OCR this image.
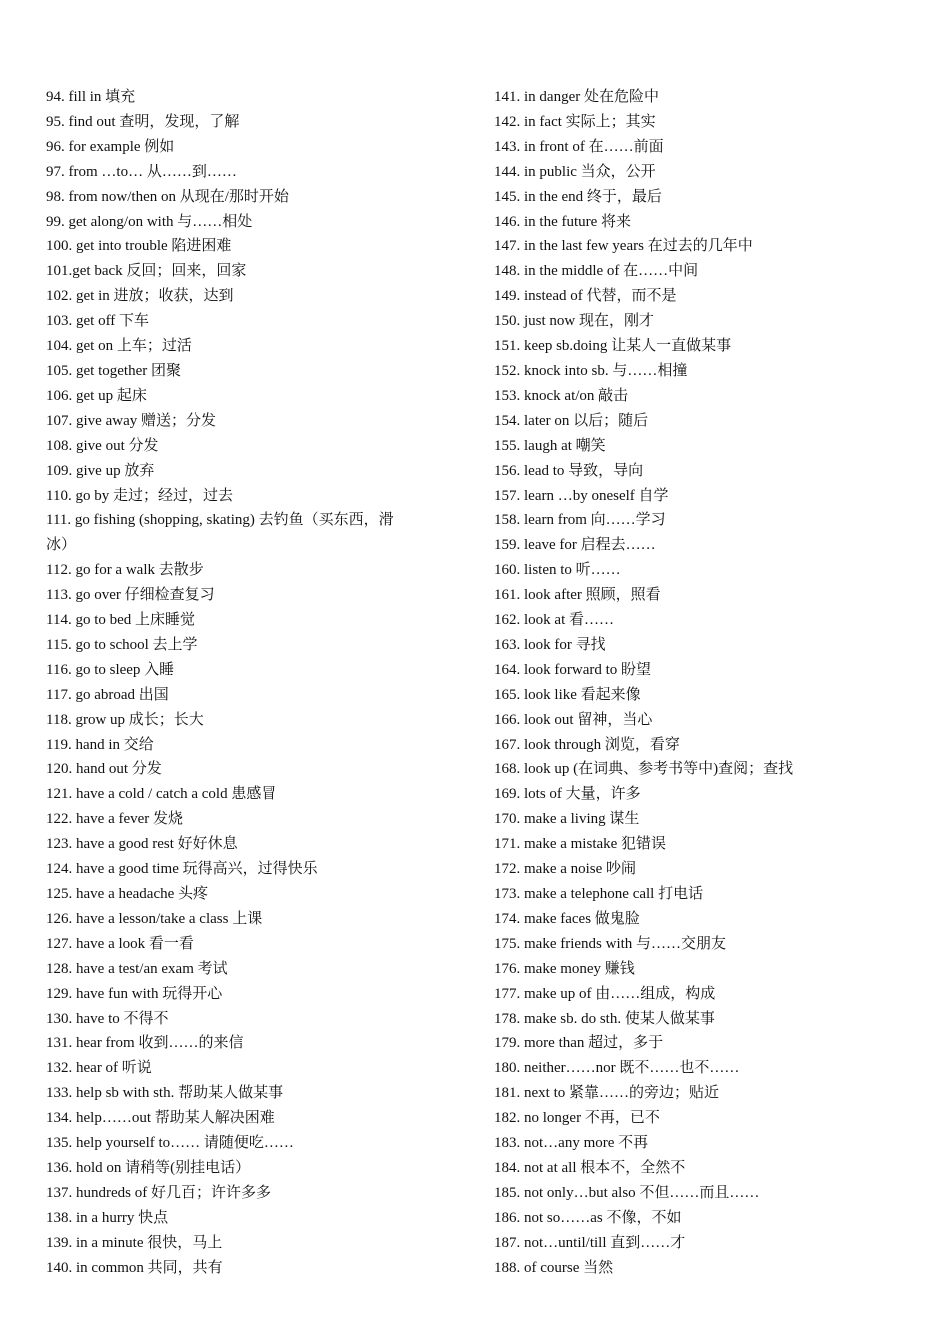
94. fill in 填充
95. find out 查明，发现，了解
96. for example 例如
97. from …to… 从……到……
98. from now/then on 从现在/那时开始
99. get along/on with 与……相处
100. get into trouble 陷进困难
101.get back 反回；回来，回家
102. get in 进放；收获，达到
103. get off 下车
104. get on 上车；过活
105. get together 团聚
106. get up 起床
107. give away 赠送；分发
108. give out 分发
109. give up 放弃
110. go by 走过；经过，过去
111. go fishing (shopping, skating) 去钓鱼（买东西，滑冰）
112. go for a walk 去散步
113. go over 仔细检查复习
114. go to bed 上床睡觉
115. go to school 去上学
116. go to sleep 入睡
117. go abroad 出国
118. grow up 成长；长大
119. hand in 交给
120. hand out 分发
121. have a cold / catch a cold 患感冒
122. have a fever 发烧
123. have a good rest 好好休息
124. have a good time 玩得高兴，过得快乐
125. have a headache 头疼
126. have a lesson/take a class 上课
127. have a look 看一看
128. have a test/an exam 考试
129. have fun with 玩得开心
130. have to 不得不
131. hear from 收到……的来信
132. hear of 听说
133. help sb with sth. 帮助某人做某事
134. help……out 帮助某人解决困难
135. help yourself to…… 请随便吃……
136. hold on 请稍等(别挂电话）
137. hundreds of 好几百；许许多多
138. in a hurry 快点
139. in a minute 很快，马上
140. in common 共同，共有
141. in danger 处在危险中
142. in fact 实际上；其实
143. in front of 在……前面
144. in public 当众，公开
145. in the end 终于，最后
146. in the future 将来
147. in the last few years 在过去的几年中
148. in the middle of 在……中间
149. instead of 代替，而不是
150. just now 现在，刚才
151. keep sb.doing 让某人一直做某事
152. knock into sb. 与……相撞
153. knock at/on 敲击
154. later on 以后；随后
155. laugh at 嘲笑
156. lead to 导致，导向
157. learn …by oneself 自学
158. learn from 向……学习
159. leave for 启程去……
160. listen to 听……
161. look after 照顾，照看
162. look at 看……
163. look for 寻找
164. look forward to 盼望
165. look like 看起来像
166. look out 留神，当心
167. look through 浏览，看穿
168. look up (在词典、参考书等中)查阅；查找
169. lots of 大量，许多
170. make a living 谋生
171. make a mistake 犯错误
172. make a noise 吵闹
173. make a telephone call 打电话
174. make faces 做鬼脸
175. make friends with 与……交朋友
176. make money 赚钱
177. make up of 由……组成，构成
178. make sb. do sth. 使某人做某事
179. more than 超过，多于
180. neither……nor 既不……也不……
181. next to 紧靠……的旁边；贴近
182. no longer 不再，已不
183. not…any more 不再
184. not at all 根本不，全然不
185. not only…but also 不但……而且……
186. not so……as 不像，不如
187. not…until/till 直到……才
188. of course 当然
